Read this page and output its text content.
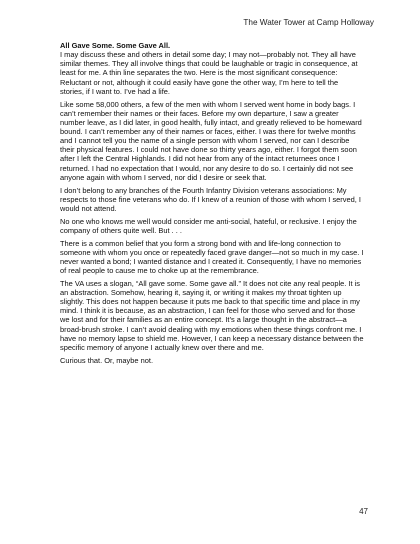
The Water Tower at Camp Holloway

All Gave Some. Some Gave All.
I may discuss these and others in detail some day; I may not—probably not. They all have similar themes. They all involve things that could be laughable or tragic in consequence, at least for me. A thin line separates the two. Here is the most significant consequence: Reluctant or not, although it could easily have gone the other way, I’m here to tell the stories, if I want to. I’ve had a life.

Like some 58,000 others, a few of the men with whom I served went home in body bags. I can’t remember their names or their faces. Before my own departure, I saw a greater number leave, as I did later, in good health, fully intact, and greatly relieved to be homeward bound. I can’t remember any of their names or faces, either. I was there for twelve months and I cannot tell you the name of a single person with whom I served, nor can I describe their physical features. I could not have done so thirty years ago, either. I forgot them soon after I left the Central Highlands. I did not hear from any of the intact returnees once I returned. I had no expectation that I would, nor any desire to do so. I certainly did not see anyone again with whom I served, nor did I desire or seek that.

I don’t belong to any branches of the Fourth Infantry Division veterans associations: My respects to those fine veterans who do. If I knew of a reunion of those with whom I served, I would not attend.

No one who knows me well would consider me anti-social, hateful, or reclusive. I enjoy the company of others quite well. But . . .

There is a common belief that you form a strong bond with and life-long connection to someone with whom you once or repeatedly faced grave danger—not so much in my case. I never wanted a bond; I wanted distance and I created it. Consequently, I have no memories of real people to cause me to choke up at the remembrance.

The VA uses a slogan, “All gave some. Some gave all.” It does not cite any real people. It is an abstraction. Somehow, hearing it, saying it, or writing it makes my throat tighten up slightly. This does not happen because it puts me back to that specific time and place in my mind. I think it is because, as an abstraction, I can feel for those who served and for those we lost and for their families as an entire concept. It’s a large thought in the abstract—a broad-brush stroke. I can’t avoid dealing with my emotions when these things confront me. I have no memory lapse to shield me. However, I can keep a necessary distance between the specific memory of anyone I actually knew over there and me.

Curious that. Or, maybe not.

47
